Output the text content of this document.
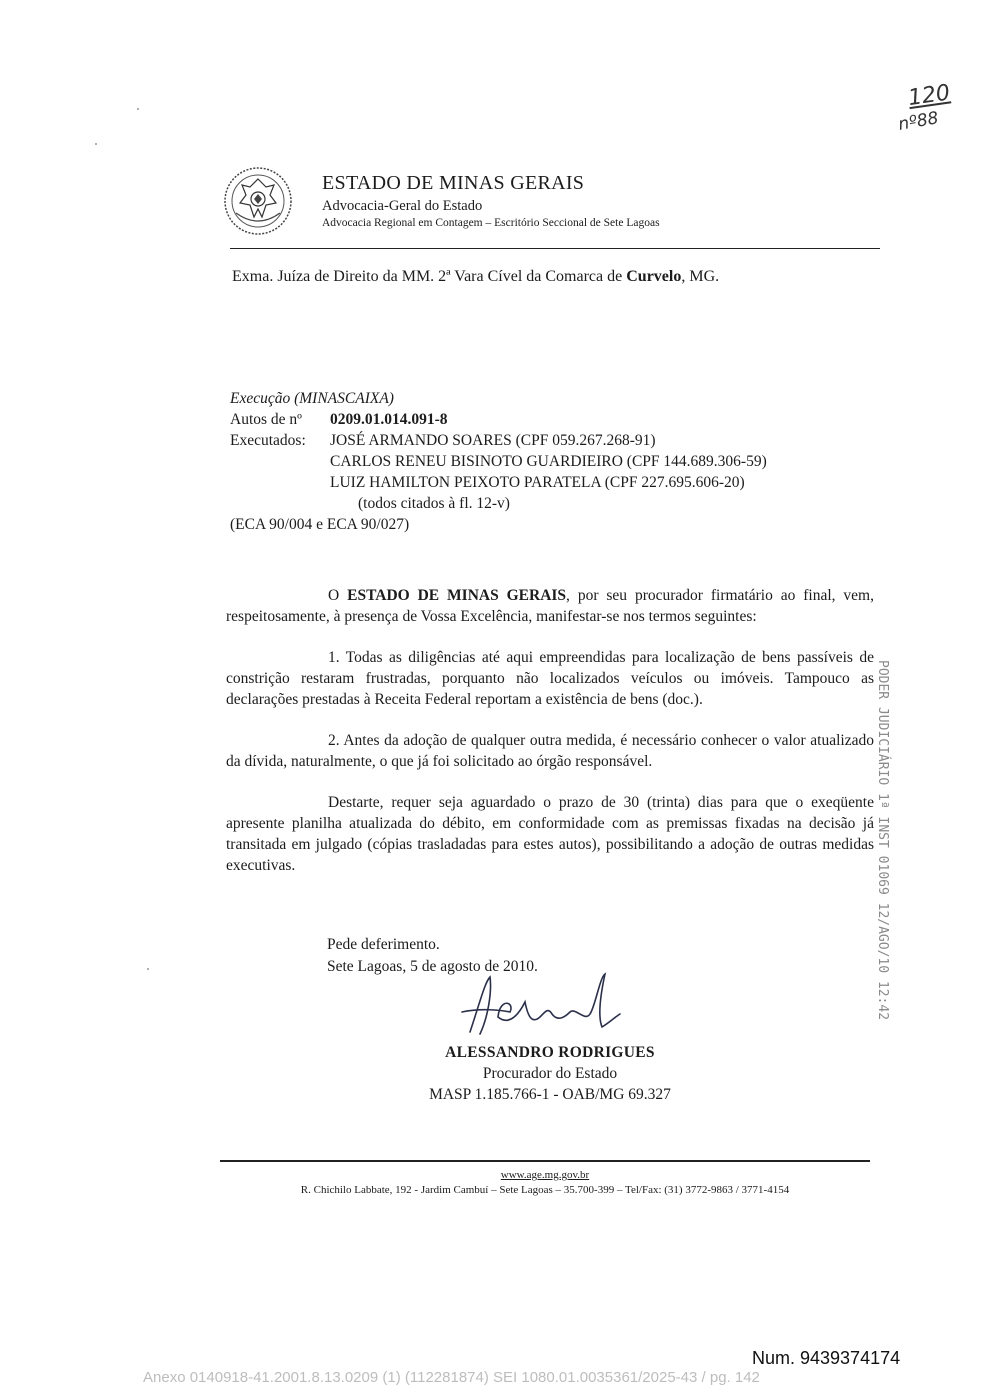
120
nº88
ESTADO DE MINAS GERAIS
Advocacia-Geral do Estado
Advocacia Regional em Contagem – Escritório Seccional de Sete Lagoas
Exma. Juíza de Direito da MM. 2ª Vara Cível da Comarca de Curvelo, MG.
Execução (MINASCAIXA)
Autos de nº 0209.01.014.091-8
Executados: JOSÉ ARMANDO SOARES (CPF 059.267.268-91)
CARLOS RENEU BISINOTO GUARDIEIRO (CPF 144.689.306-59)
LUIZ HAMILTON PEIXOTO PARATELA (CPF 227.695.606-20)
(todos citados à fl. 12-v)
(ECA 90/004 e ECA 90/027)

O ESTADO DE MINAS GERAIS, por seu procurador firmatário ao final, vem, respeitosamente, à presença de Vossa Excelência, manifestar-se nos termos seguintes:

1. Todas as diligências até aqui empreendidas para localização de bens passíveis de constrição restaram frustradas, porquanto não localizados veículos ou imóveis. Tampouco as declarações prestadas à Receita Federal reportam a existência de bens (doc.).

2. Antes da adoção de qualquer outra medida, é necessário conhecer o valor atualizado da dívida, naturalmente, o que já foi solicitado ao órgão responsável.

Destarte, requer seja aguardado o prazo de 30 (trinta) dias para que o exeqüente apresente planilha atualizada do débito, em conformidade com as premissas fixadas na decisão já transitada em julgado (cópias trasladadas para estes autos), possibilitando a adoção de outras medidas executivas.

Pede deferimento.
Sete Lagoas, 5 de agosto de 2010.
ALESSANDRO RODRIGUES
Procurador do Estado
MASP 1.185.766-1 - OAB/MG 69.327
www.age.mg.gov.br
R. Chichilo Labbate, 192 - Jardim Cambuí – Sete Lagoas – 35.700-399 – Tel/Fax: (31) 3772-9863 / 3771-4154
PODER JUDICIÁRIO 1ª INST 01069 12/AGO/10 12:42
Num. 9439374174
Anexo 0140918-41.2001.8.13.0209 (1) (112281874) SEI 1080.01.0035361/2025-43 / pg. 142
